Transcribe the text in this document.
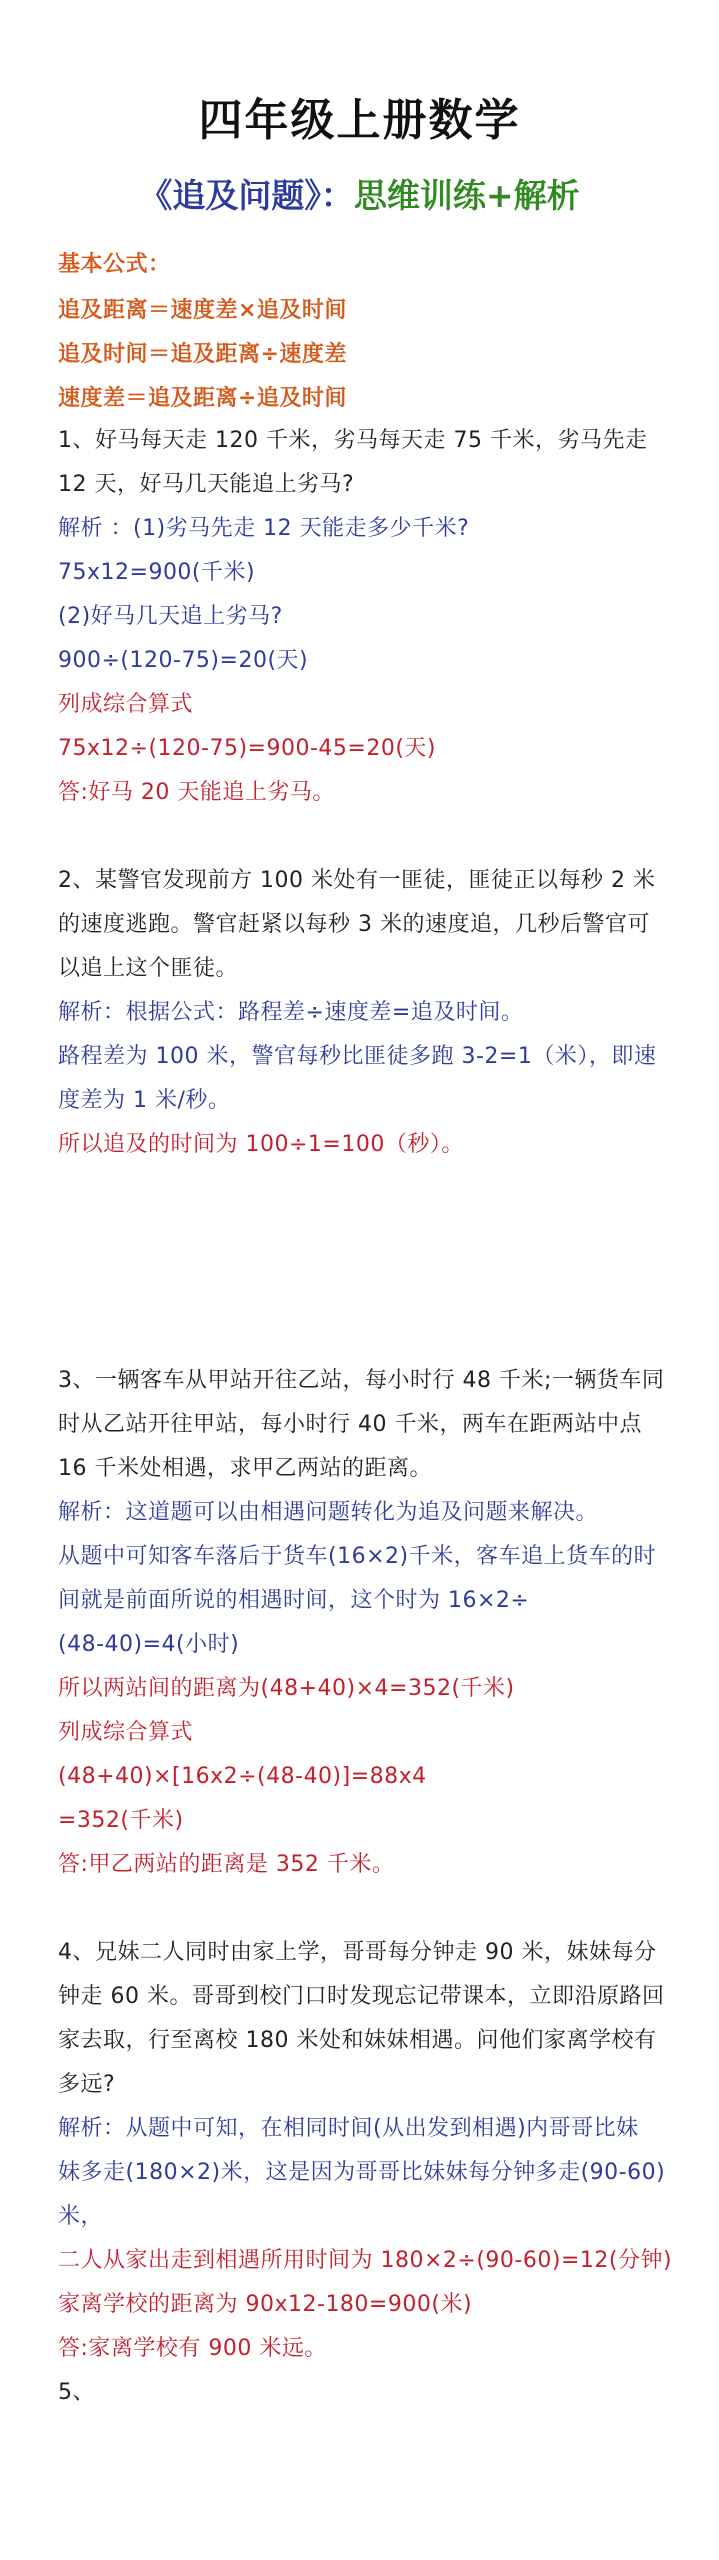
四年级上册数学
《追及问题》：思维训练+解析
基本公式：
追及距离＝速度差×追及时间
追及时间＝追及距离÷速度差
速度差＝追及距离÷追及时间
1、好马每天走 120 千米，劣马每天走 75 千米，劣马先走
12 天，好马几天能追上劣马?
解析 ：(1)劣马先走 12 天能走多少千米?
75x12=900(千米)
(2)好马几天追上劣马?
900÷(120-75)=20(天)
列成综合算式
75x12÷(120-75)=900-45=20(天)
答:好马 20 天能追上劣马。
2、某警官发现前方 100 米处有一匪徒，匪徒正以每秒 2 米
的速度逃跑。警官赶紧以每秒 3 米的速度追，几秒后警官可
以追上这个匪徒。
解析：根据公式：路程差÷速度差=追及时间。
路程差为 100 米，警官每秒比匪徒多跑 3-2=1（米），即速
度差为 1 米/秒。
所以追及的时间为 100÷1=100（秒）。
3、一辆客车从甲站开往乙站，每小时行 48 千米;一辆货车同
时从乙站开往甲站，每小时行 40 千米，两车在距两站中点
16 千米处相遇，求甲乙两站的距离。
解析：这道题可以由相遇问题转化为追及问题来解决。
从题中可知客车落后于货车(16×2)千米，客车追上货车的时
间就是前面所说的相遇时间，这个时为 16×2÷
(48-40)=4(小时)
所以两站间的距离为(48+40)×4=352(千米)
列成综合算式
(48+40)×[16x2÷(48-40)]=88x4
=352(千米)
答:甲乙两站的距离是 352 千米。
4、兄妹二人同时由家上学，哥哥每分钟走 90 米，妹妹每分
钟走 60 米。哥哥到校门口时发现忘记带课本，立即沿原路回
家去取，行至离校 180 米处和妹妹相遇。问他们家离学校有
多远?
解析：从题中可知，在相同时间(从出发到相遇)内哥哥比妹
妹多走(180×2)米，这是因为哥哥比妹妹每分钟多走(90-60)
米，
二人从家出走到相遇所用时间为 180×2÷(90-60)=12(分钟)
家离学校的距离为 90x12-180=900(米)
答:家离学校有 900 米远。
5、
